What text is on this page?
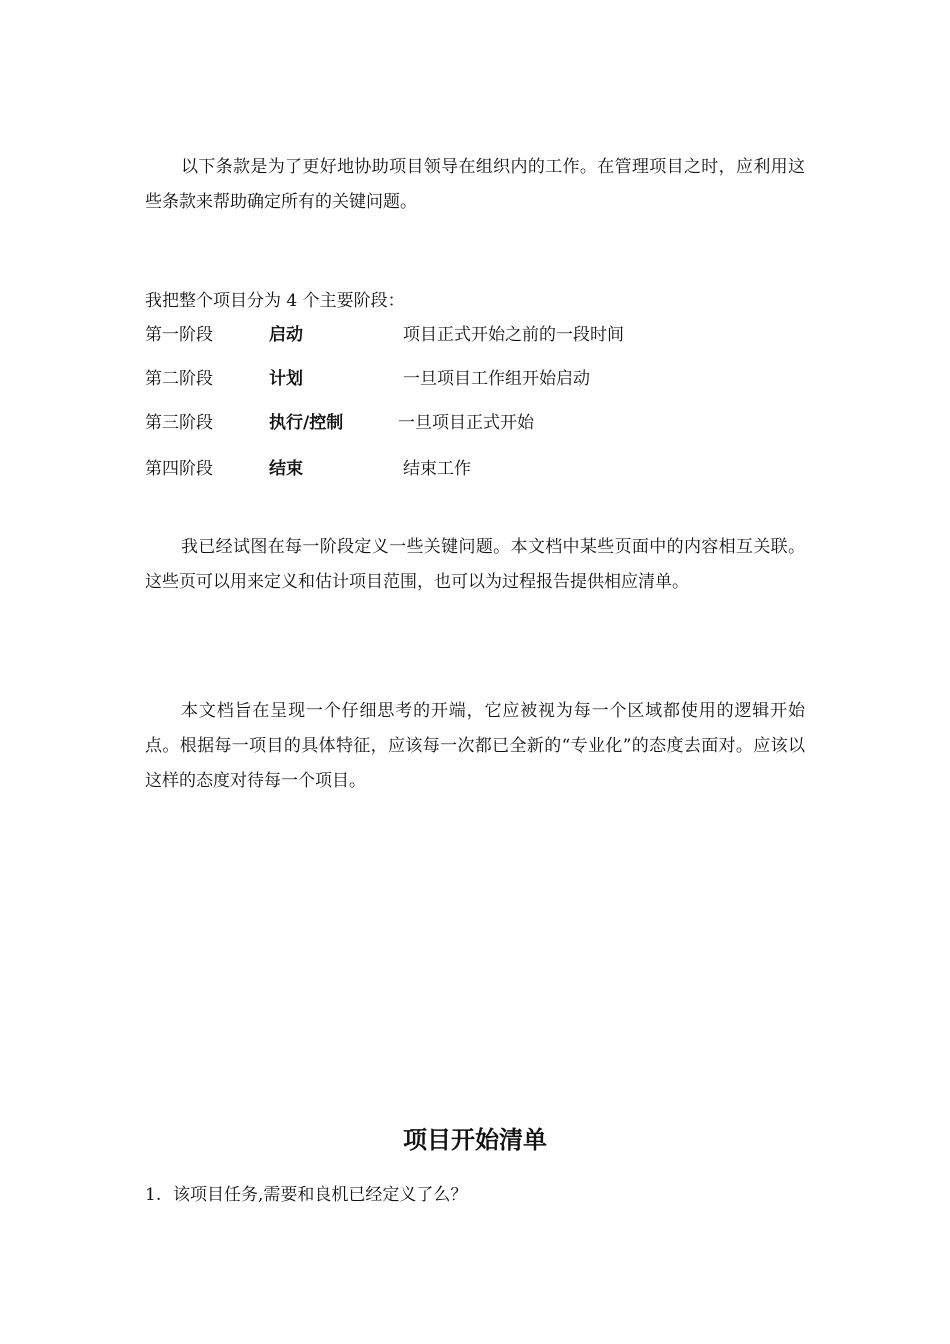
以下条款是为了更好地协助项目领导在组织内的工作。在管理项目之时，应利用这些条款来帮助确定所有的关键问题。

我把整个项目分为 4 个主要阶段：

第一阶段	启动	项目正式开始之前的一段时间
第二阶段	计划	一旦项目工作组开始启动
第三阶段	执行/控制	一旦项目正式开始
第四阶段	结束	结束工作

我已经试图在每一阶段定义一些关键问题。本文档中某些页面中的内容相互关联。这些页可以用来定义和估计项目范围，也可以为过程报告提供相应清单。

本文档旨在呈现一个仔细思考的开端，它应被视为每一个区域都使用的逻辑开始点。根据每一项目的具体特征，应该每一次都已全新的“专业化”的态度去面对。应该以这样的态度对待每一个项目。

项目开始清单
1. 该项目任务,需要和良机已经定义了么？
